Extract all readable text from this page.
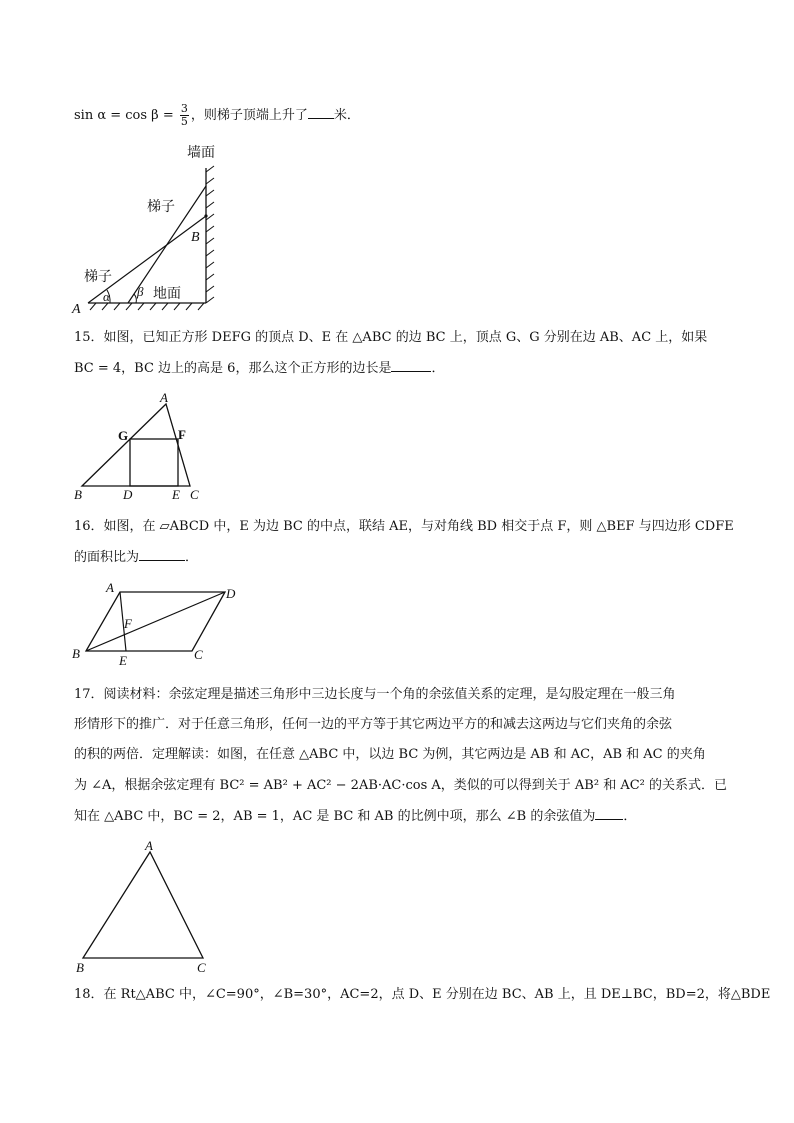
$\sin \alpha = \cos \beta = \frac{3}{5}$ ，则梯子顶端上升了 米．
墙面
梯子
梯子
地面
B
A
α β
15．如图，已知正方形 DEFG 的顶点 D、E 在 △ABC 的边 BC 上，顶点 G、G 分别在边 AB、AC 上，如果
BC = 4，BC 边上的高是 6，那么这个正方形的边长是	．
A
G	F
B	D	E C
16．如图，在 ▱ABCD 中，E 为边 BC 的中点，联结 AE，与对角线 BD 相交于点 F，则 △BEF 与四边形 CDFE
的面积比为	．
A	D
F
B	E	C
17．阅读材料：余弦定理是描述三角形中三边长度与一个角的余弦值关系的定理，是勾股定理在一般三角
形情形下的推广．对于任意三角形，任何一边的平方等于其它两边平方的和减去这两边与它们夹角的余弦
的积的两倍．定理解读：如图，在任意 △ABC 中，以边 BC 为例，其它两边是 AB 和 AC，AB 和 AC 的夹角
为 ∠A，根据余弦定理有 BC² = AB² + AC² − 2AB·AC·cos A，类似的可以得到关于 AB² 和 AC² 的关系式．已
知在 △ABC 中，BC = 2，AB = 1，AC 是 BC 和 AB 的比例中项，那么 ∠B 的余弦值为 ．
A
B	C
18．在 Rt△ABC 中，∠C=90°，∠B=30°，AC=2，点 D、E 分别在边 BC、AB 上，且 DE⊥BC，BD=2，将△BDE
